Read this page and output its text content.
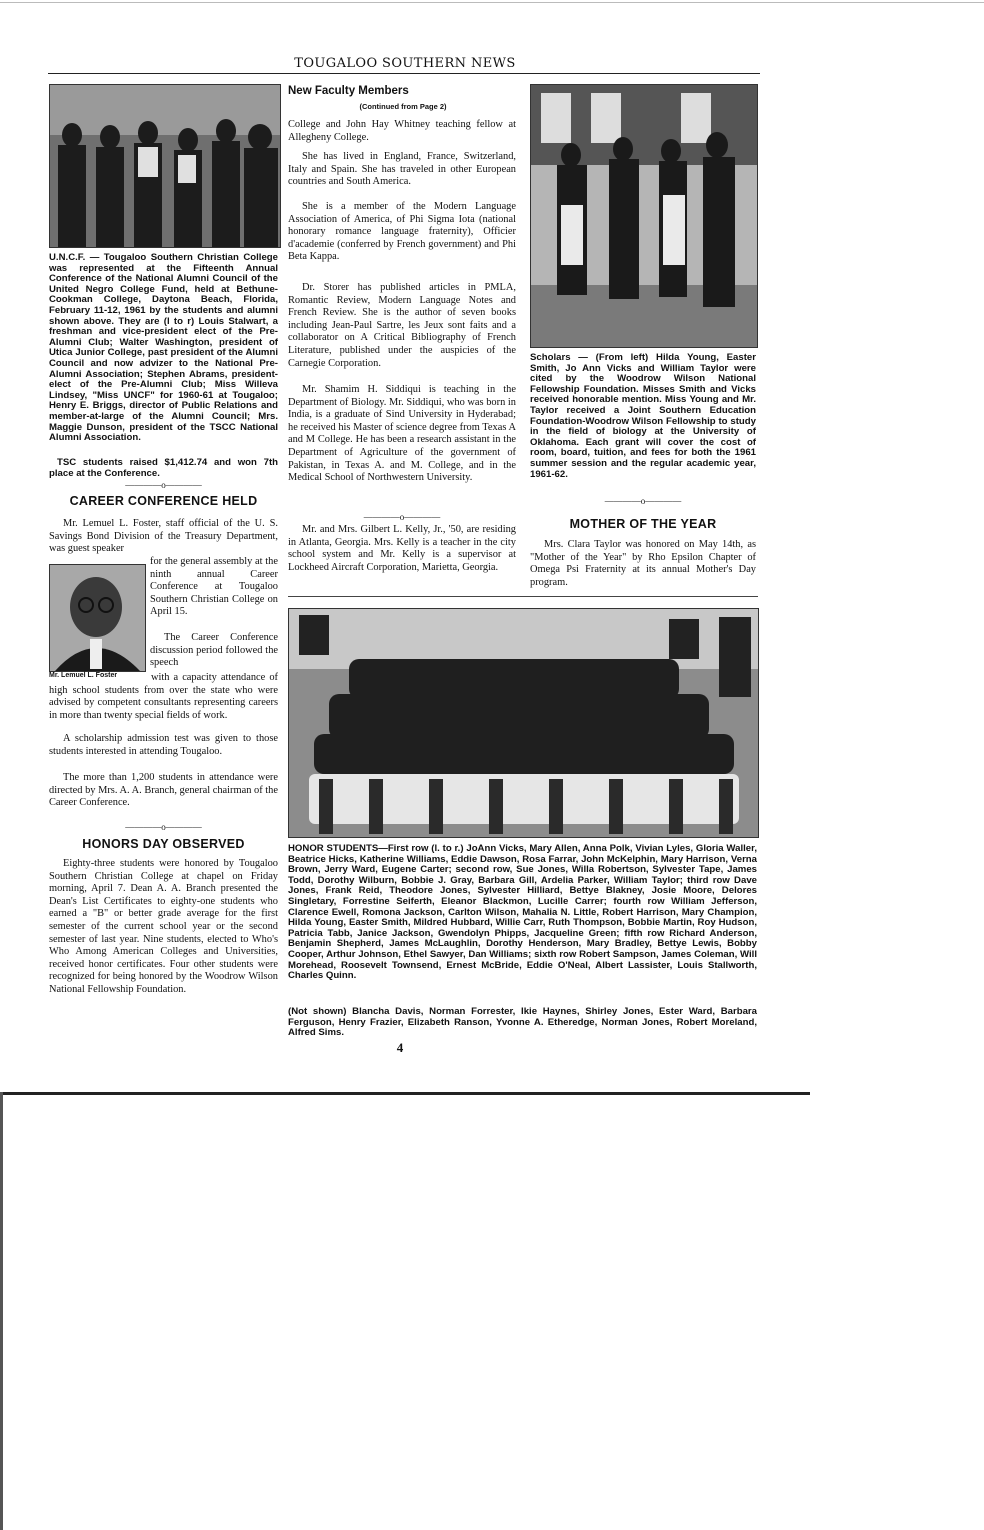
TOUGALOO SOUTHERN NEWS

U.N.C.F. — Tougaloo Southern Christian College was represented at the Fifteenth Annual Conference of the National Alumni Council of the United Negro College Fund, held at Bethune-Cookman College, Daytona Beach, Florida, February 11-12, 1961 by the students and alumni shown above. They are (l to r) Louis Stalwart, a freshman and vice-president elect of the Pre-Alumni Club; Walter Washington, president of Utica Junior College, past president of the Alumni Council and now advizer to the National Pre-Alumni Association; Stephen Abrams, president-elect of the Pre-Alumni Club; Miss Willeva Lindsey, "Miss UNCF" for 1960-61 at Tougaloo; Henry E. Briggs, director of Public Relations and member-at-large of the Alumni Council; Mrs. Maggie Dunson, president of the TSCC National Alumni Association.

TSC students raised $1,412.74 and won 7th place at the Conference.

————o————

CAREER CONFERENCE HELD

Mr. Lemuel L. Foster, staff official of the U. S. Savings Bond Division of the Treasury Department, was guest speaker

for the general assembly at the ninth annual Career Conference at Tougaloo Southern Christian College on April 15.

The Career Conference discussion period followed the speech

Mr. Lemuel L. Foster	with a capacity attendance of high school students from over the state who were advised by competent consultants representing careers in more than twenty special fields of work.

A scholarship admission test was given to those students interested in attending Tougaloo.

The more than 1,200 students in attendance were directed by Mrs. A. A. Branch, general chairman of the Career Conference.

————o————

HONORS DAY OBSERVED

Eighty-three students were honored by Tougaloo Southern Christian College at chapel on Friday morning, April 7. Dean A. A. Branch presented the Dean's List Certificates to eighty-one students who earned a "B" or better grade average for the first semester of the current school year or the second semester of last year. Nine students, elected to Who's Who Among American Colleges and Universities, received honor certificates. Four other students were recognized for being honored by the Woodrow Wilson National Fellowship Foundation.

New Faculty Members

(Continued from Page 2)

College and John Hay Whitney teaching fellow at Allegheny College.

She has lived in England, France, Switzerland, Italy and Spain. She has traveled in other European countries and South America.

She is a member of the Modern Language Association of America, of Phi Sigma Iota (national honorary romance language fraternity), Officier d'academie (conferred by French government) and Phi Beta Kappa.

Dr. Storer has published articles in PMLA, Romantic Review, Modern Language Notes and French Review. She is the author of seven books including Jean-Paul Sartre, les Jeux sont faits and a collaborator on A Critical Bibliography of French Literature, published under the auspicies of the Carnegie Corporation.

Mr. Shamim H. Siddiqui is teaching in the Department of Biology. Mr. Siddiqui, who was born in India, is a graduate of Sind University in Hyderabad; he received his Master of science degree from Texas A and M College. He has been a research assistant in the Department of Agriculture of the government of Pakistan, in Texas A. and M. College, and in the Medical School of Northwestern University.

————o————

Mr. and Mrs. Gilbert L. Kelly, Jr., '50, are residing in Atlanta, Georgia. Mrs. Kelly is a teacher in the city school system and Mr. Kelly is a supervisor at Lockheed Aircraft Corporation, Marietta, Georgia.

Scholars — (From left) Hilda Young, Easter Smith, Jo Ann Vicks and William Taylor were cited by the Woodrow Wilson National Fellowship Foundation. Misses Smith and Vicks received honorable mention. Miss Young and Mr. Taylor received a Joint Southern Education Foundation-Woodrow Wilson Fellowship to study in the field of biology at the University of Oklahoma. Each grant will cover the cost of room, board, tuition, and fees for both the 1961 summer session and the regular academic year, 1961-62.

————o————

MOTHER OF THE YEAR

Mrs. Clara Taylor was honored on May 14th, as "Mother of the Year" by Rho Epsilon Chapter of Omega Psi Fraternity at its annual Mother's Day program.

HONOR STUDENTS—First row (l. to r.) JoAnn Vicks, Mary Allen, Anna Polk, Vivian Lyles, Gloria Waller, Beatrice Hicks, Katherine Williams, Eddie Dawson, Rosa Farrar, John McKelphin, Mary Harrison, Verna Brown, Jerry Ward, Eugene Carter; second row, Sue Jones, Willa Robertson, Sylvester Tape, James Todd, Dorothy Wilburn, Bobbie J. Gray, Barbara Gill, Ardelia Parker, William Taylor; third row Dave Jones, Frank Reid, Theodore Jones, Sylvester Hilliard, Bettye Blakney, Josie Moore, Delores Singletary, Forrestine Seiferth, Eleanor Blackmon, Lucille Carrer; fourth row William Jefferson, Clarence Ewell, Romona Jackson, Carlton Wilson, Mahalia N. Little, Robert Harrison, Mary Champion, Hilda Young, Easter Smith, Mildred Hubbard, Willie Carr, Ruth Thompson, Bobbie Martin, Roy Hudson, Patricia Tabb, Janice Jackson, Gwendolyn Phipps, Jacqueline Green; fifth row Richard Anderson, Benjamin Shepherd, James McLaughlin, Dorothy Henderson, Mary Bradley, Bettye Lewis, Bobby Cooper, Arthur Johnson, Ethel Sawyer, Dan Williams; sixth row Robert Sampson, James Coleman, Will Morehead, Roosevelt Townsend, Ernest McBride, Eddie O'Neal, Albert Lassister, Louis Stallworth, Charles Quinn.

(Not shown) Blancha Davis, Norman Forrester, Ikie Haynes, Shirley Jones, Ester Ward, Barbara Ferguson, Henry Frazier, Elizabeth Ranson, Yvonne A. Etheredge, Norman Jones, Robert Moreland, Alfred Sims.

4
